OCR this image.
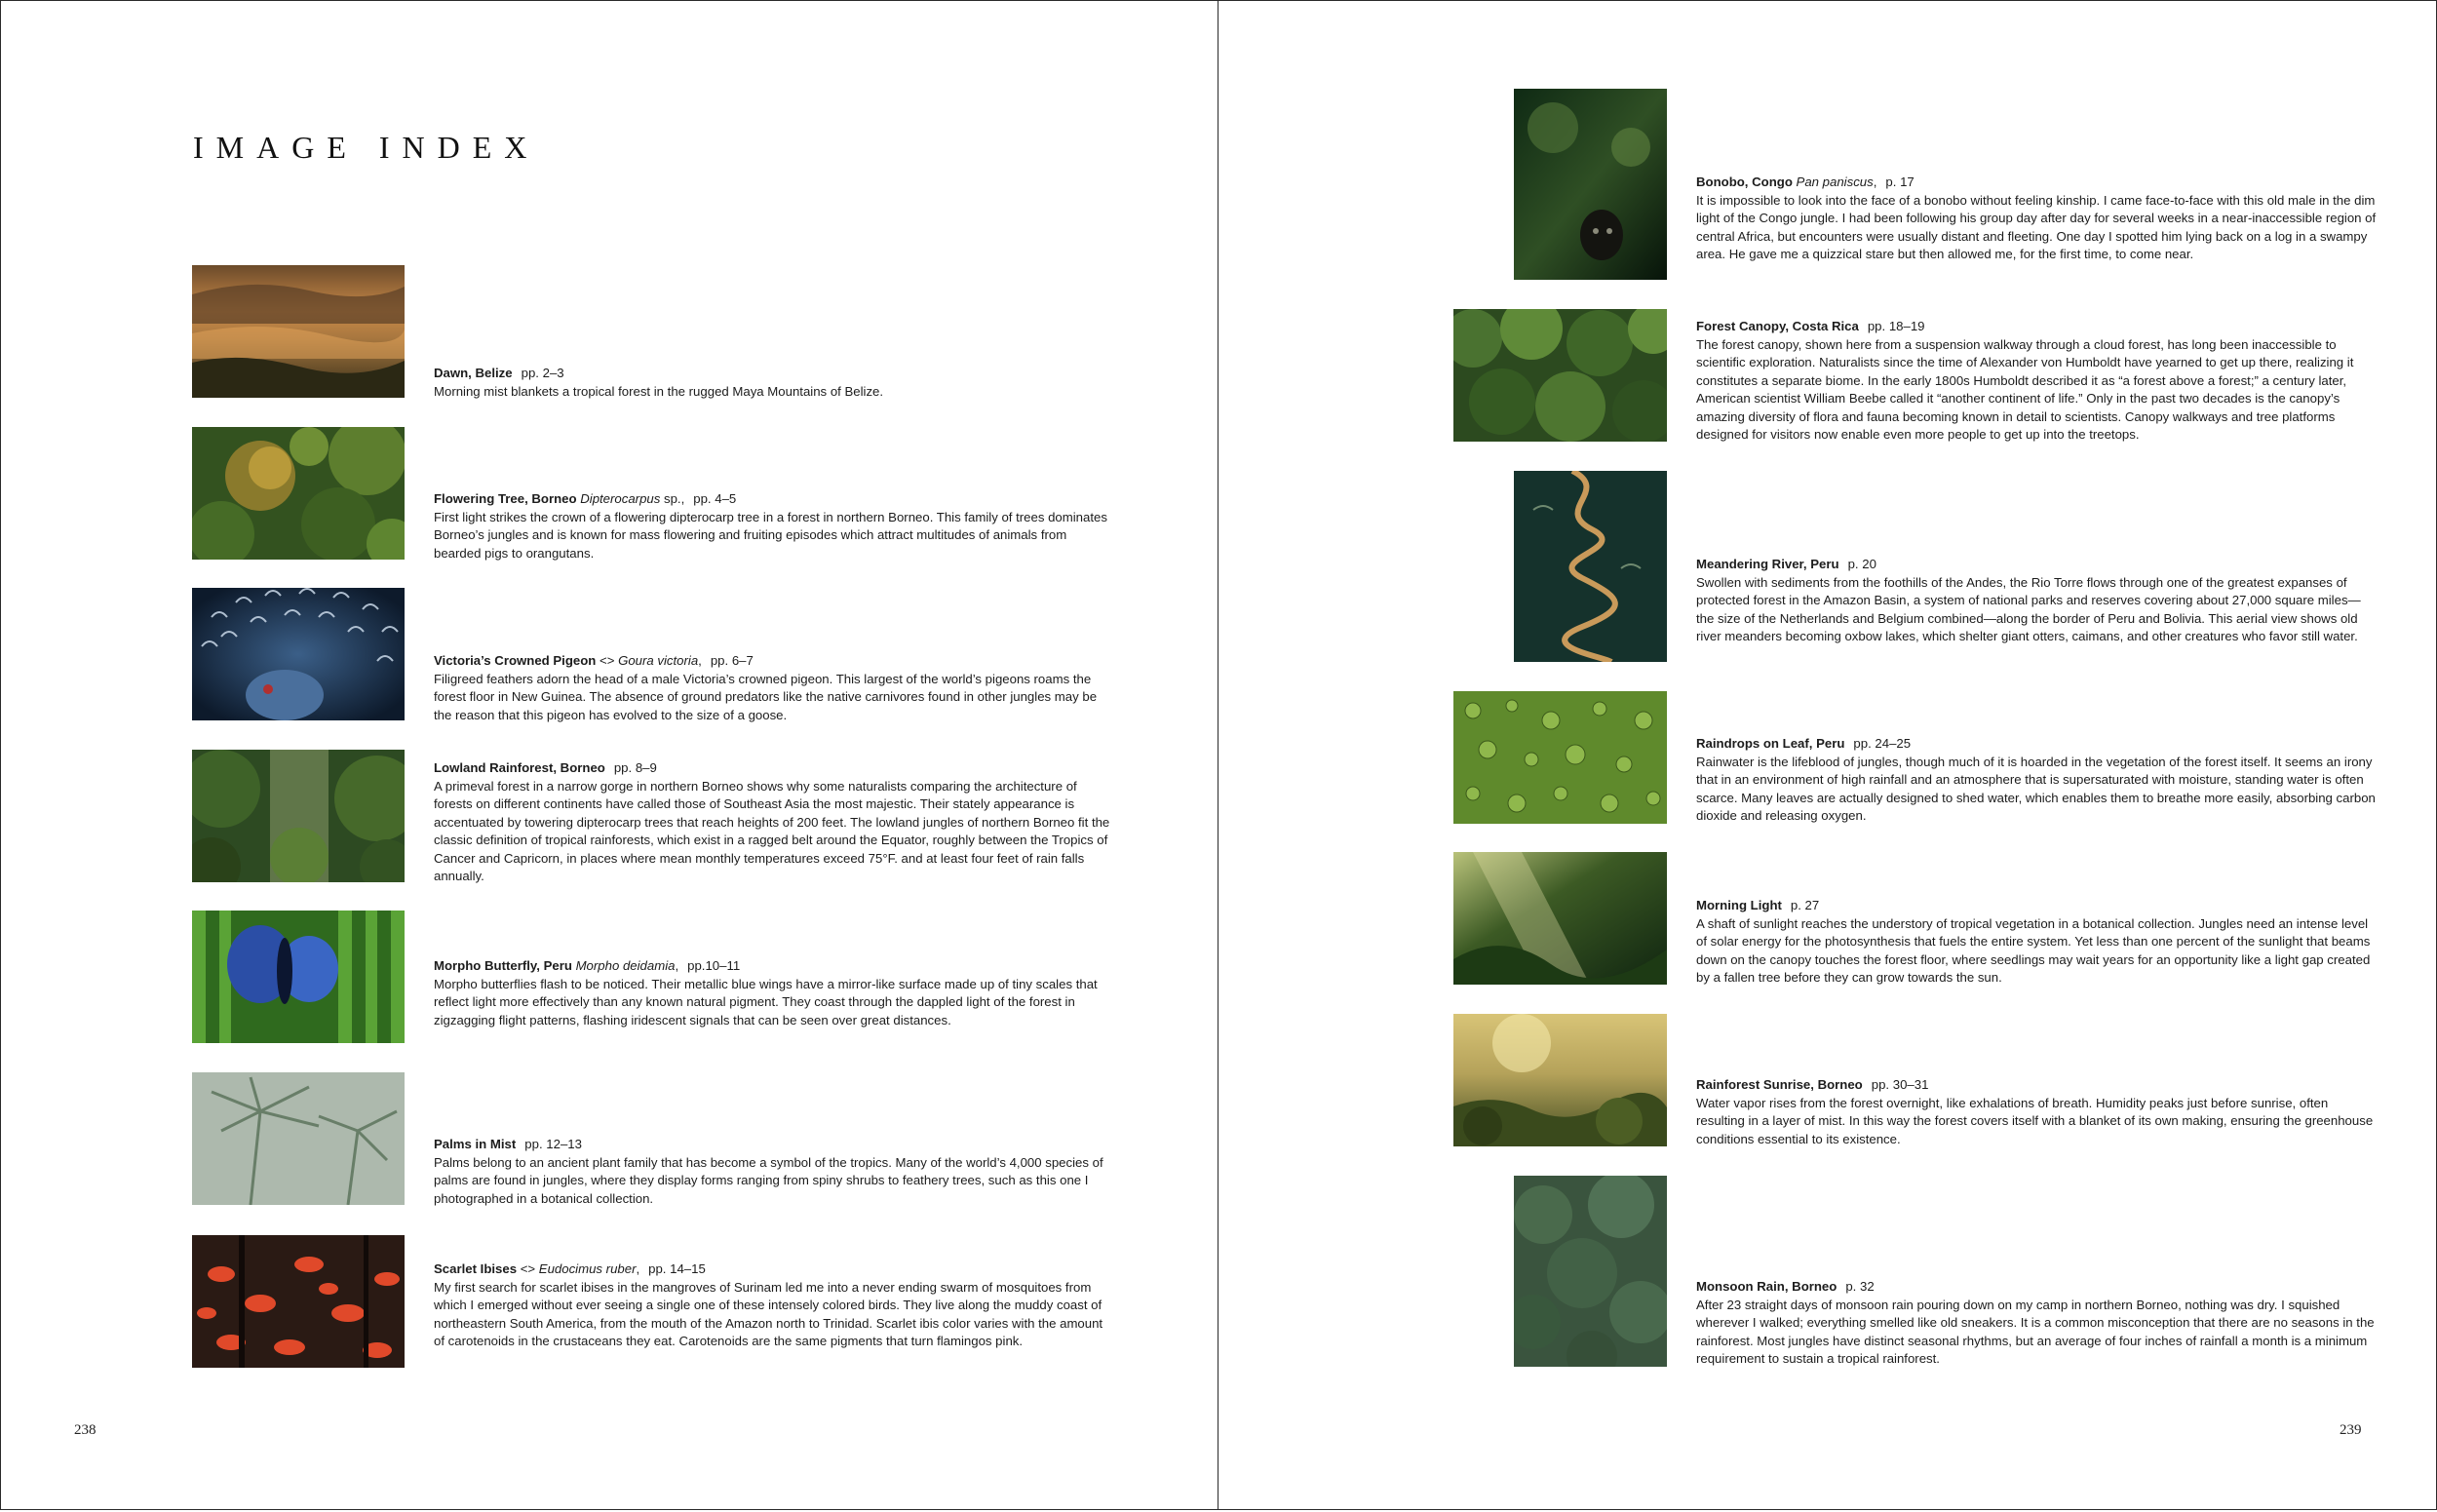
IMAGE INDEX
Dawn, Belize pp. 2–3

Morning mist blankets a tropical forest in the rugged Maya Mountains of Belize.

Flowering Tree, Borneo Dipterocarpus sp., pp. 4–5

First light strikes the crown of a flowering dipterocarp tree in a forest in northern Borneo. This family of trees dominates Borneo’s jungles and is known for mass flowering and fruiting episodes which attract multitudes of animals from bearded pigs to orangutans.

Victoria’s Crowned Pigeon <> Goura victoria, pp. 6–7

Filigreed feathers adorn the head of a male Victoria’s crowned pigeon. This largest of the world’s pigeons roams the forest floor in New Guinea. The absence of ground predators like the native carnivores found in other jungles may be the reason that this pigeon has evolved to the size of a goose.

Lowland Rainforest, Borneo pp. 8–9

A primeval forest in a narrow gorge in northern Borneo shows why some naturalists comparing the architecture of forests on different continents have called those of Southeast Asia the most majestic. Their stately appearance is accentuated by towering dipterocarp trees that reach heights of 200 feet. The lowland jungles of northern Borneo fit the classic definition of tropical rainforests, which exist in a ragged belt around the Equator, roughly between the Tropics of Cancer and Capricorn, in places where mean monthly temperatures exceed 75°F. and at least four feet of rain falls annually.

Morpho Butterfly, Peru Morpho deidamia, pp.10–11

Morpho butterflies flash to be noticed. Their metallic blue wings have a mirror-like surface made up of tiny scales that reflect light more effectively than any known natural pigment. They coast through the dappled light of the forest in zigzagging flight patterns, flashing iridescent signals that can be seen over great distances.

Palms in Mist pp. 12–13

Palms belong to an ancient plant family that has become a symbol of the tropics. Many of the world’s 4,000 species of palms are found in jungles, where they display forms ranging from spiny shrubs to feathery trees, such as this one I photographed in a botanical collection.

Scarlet Ibises <> Eudocimus ruber, pp. 14–15

My first search for scarlet ibises in the mangroves of Surinam led me into a never ending swarm of mosquitoes from which I emerged without ever seeing a single one of these intensely colored birds. They live along the muddy coast of northeastern South America, from the mouth of the Amazon north to Trinidad. Scarlet ibis color varies with the amount of carotenoids in the crustaceans they eat. Carotenoids are the same pigments that turn flamingos pink.

238

Bonobo, Congo Pan paniscus, p. 17

It is impossible to look into the face of a bonobo without feeling kinship. I came face-to-face with this old male in the dim light of the Congo jungle. I had been following his group day after day for several weeks in a near-inaccessible region of central Africa, but encounters were usually distant and fleeting. One day I spotted him lying back on a log in a swampy area. He gave me a quizzical stare but then allowed me, for the first time, to come near.

Forest Canopy, Costa Rica pp. 18–19

The forest canopy, shown here from a suspension walkway through a cloud forest, has long been inaccessible to scientific exploration. Naturalists since the time of Alexander von Humboldt have yearned to get up there, realizing it constitutes a separate biome. In the early 1800s Humboldt described it as “a forest above a forest;” a century later, American scientist William Beebe called it “another continent of life.” Only in the past two decades is the canopy’s amazing diversity of flora and fauna becoming known in detail to scientists. Canopy walkways and tree platforms designed for visitors now enable even more people to get up into the treetops.

Meandering River, Peru p. 20

Swollen with sediments from the foothills of the Andes, the Rio Torre flows through one of the greatest expanses of protected forest in the Amazon Basin, a system of national parks and reserves covering about 27,000 square miles—the size of the Netherlands and Belgium combined—along the border of Peru and Bolivia. This aerial view shows old river meanders becoming oxbow lakes, which shelter giant otters, caimans, and other creatures who favor still water.

Raindrops on Leaf, Peru pp. 24–25

Rainwater is the lifeblood of jungles, though much of it is hoarded in the vegetation of the forest itself. It seems an irony that in an environment of high rainfall and an atmosphere that is supersaturated with moisture, standing water is often scarce. Many leaves are actually designed to shed water, which enables them to breathe more easily, absorbing carbon dioxide and releasing oxygen.

Morning Light p. 27

A shaft of sunlight reaches the understory of tropical vegetation in a botanical collection. Jungles need an intense level of solar energy for the photosynthesis that fuels the entire system. Yet less than one percent of the sunlight that beams down on the canopy touches the forest floor, where seedlings may wait years for an opportunity like a light gap created by a fallen tree before they can grow towards the sun.

Rainforest Sunrise, Borneo pp. 30–31

Water vapor rises from the forest overnight, like exhalations of breath. Humidity peaks just before sunrise, often resulting in a layer of mist. In this way the forest covers itself with a blanket of its own making, ensuring the greenhouse conditions essential to its existence.

Monsoon Rain, Borneo p. 32

After 23 straight days of monsoon rain pouring down on my camp in northern Borneo, nothing was dry. I squished wherever I walked; everything smelled like old sneakers. It is a common misconception that there are no seasons in the rainforest. Most jungles have distinct seasonal rhythms, but an average of four inches of rainfall a month is a minimum requirement to sustain a tropical rainforest.

239
